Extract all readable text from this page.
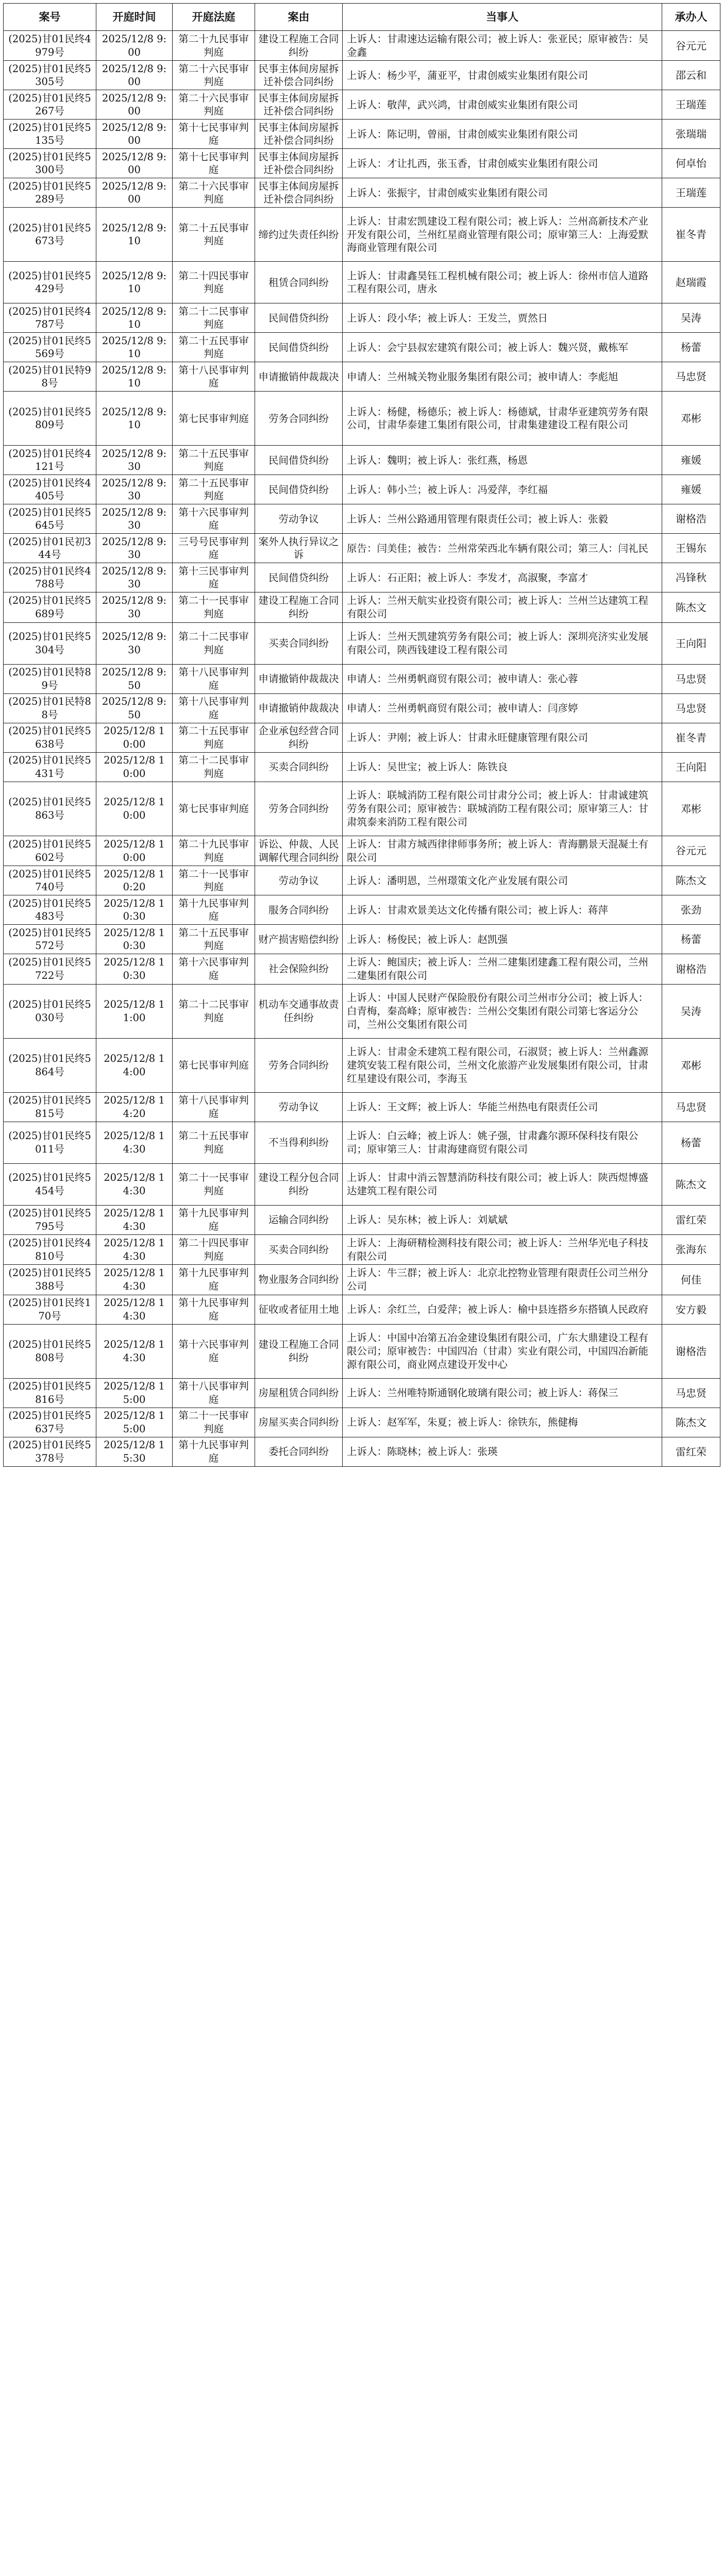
案号	开庭时间	开庭法庭	案由	当事人	承办人
(2025)甘01民终4979号	2025/12/8 9:00	第二十九民事审判庭	建设工程施工合同纠纷	上诉人：甘肃速达运输有限公司；被上诉人：张亚民；原审被告：吴金鑫	谷元元
(2025)甘01民终5305号	2025/12/8 9:00	第二十六民事审判庭	民事主体间房屋拆迁补偿合同纠纷	上诉人：杨少平，蒲亚平，甘肃创威实业集团有限公司	邵云和
(2025)甘01民终5267号	2025/12/8 9:00	第二十六民事审判庭	民事主体间房屋拆迁补偿合同纠纷	上诉人：敬萍，武兴鸿，甘肃创威实业集团有限公司	王瑞莲
(2025)甘01民终5135号	2025/12/8 9:00	第十七民事审判庭	民事主体间房屋拆迁补偿合同纠纷	上诉人：陈记明，曾丽，甘肃创威实业集团有限公司	张瑞瑞
(2025)甘01民终5300号	2025/12/8 9:00	第十七民事审判庭	民事主体间房屋拆迁补偿合同纠纷	上诉人：才让扎西，张玉香，甘肃创威实业集团有限公司	何卓怡
(2025)甘01民终5289号	2025/12/8 9:00	第二十六民事审判庭	民事主体间房屋拆迁补偿合同纠纷	上诉人：张振宇，甘肃创威实业集团有限公司	王瑞莲
(2025)甘01民终5673号	2025/12/8 9:10	第二十五民事审判庭	缔约过失责任纠纷	上诉人：甘肃宏凯建设工程有限公司；被上诉人：兰州高新技术产业开发有限公司，兰州红星商业管理有限公司；原审第三人：上海爱默海商业管理有限公司	崔冬青
(2025)甘01民终5429号	2025/12/8 9:10	第二十四民事审判庭	租赁合同纠纷	上诉人：甘肃鑫昊钰工程机械有限公司；被上诉人：徐州市信人道路工程有限公司，唐永	赵瑞霞
(2025)甘01民终4787号	2025/12/8 9:10	第二十二民事审判庭	民间借贷纠纷	上诉人：段小华；被上诉人：王发兰，贾然日	吴涛
(2025)甘01民终5569号	2025/12/8 9:10	第二十五民事审判庭	民间借贷纠纷	上诉人：会宁县叔宏建筑有限公司；被上诉人：魏兴贤，戴栋军	杨蕾
(2025)甘01民特98号	2025/12/8 9:10	第十八民事审判庭	申请撤销仲裁裁决	申请人：兰州城关物业服务集团有限公司；被申请人：李彪旭	马忠贤
(2025)甘01民终5809号	2025/12/8 9:10	第七民事审判庭	劳务合同纠纷	上诉人：杨健，杨德乐；被上诉人：杨德斌，甘肃华亚建筑劳务有限公司，甘肃华泰建工集团有限公司，甘肃集建建设工程有限公司	邓彬
(2025)甘01民终4121号	2025/12/8 9:30	第二十五民事审判庭	民间借贷纠纷	上诉人：魏明；被上诉人：张红燕，杨恩	雍媛
(2025)甘01民终4405号	2025/12/8 9:30	第二十五民事审判庭	民间借贷纠纷	上诉人：韩小兰；被上诉人：冯爱萍，李红福	雍媛
(2025)甘01民终5645号	2025/12/8 9:30	第十六民事审判庭	劳动争议	上诉人：兰州公路通用管理有限责任公司；被上诉人：张毅	谢格浩
(2025)甘01民初344号	2025/12/8 9:30	三号号民事审判庭	案外人执行异议之诉	原告：闫美佳；被告：兰州常荣西北车辆有限公司；第三人：闫礼民	王锡东
(2025)甘01民终4788号	2025/12/8 9:30	第十三民事审判庭	民间借贷纠纷	上诉人：石正阳；被上诉人：李发才，高淑聚，李富才	冯锋秋
(2025)甘01民终5689号	2025/12/8 9:30	第二十一民事审判庭	建设工程施工合同纠纷	上诉人：兰州天航实业投资有限公司；被上诉人：兰州兰达建筑工程有限公司	陈杰文
(2025)甘01民终5304号	2025/12/8 9:30	第二十二民事审判庭	买卖合同纠纷	上诉人：兰州天凯建筑劳务有限公司；被上诉人：深圳亮济实业发展有限公司，陕西钱建设工程有限公司	王向阳
(2025)甘01民特89号	2025/12/8 9:50	第十八民事审判庭	申请撤销仲裁裁决	申请人：兰州勇帆商贸有限公司；被申请人：张心蓉	马忠贤
(2025)甘01民特88号	2025/12/8 9:50	第十八民事审判庭	申请撤销仲裁裁决	申请人：兰州勇帆商贸有限公司；被申请人：闫彦婷	马忠贤
(2025)甘01民终5638号	2025/12/8 10:00	第二十五民事审判庭	企业承包经营合同纠纷	上诉人：尹刚；被上诉人：甘肃永旺健康管理有限公司	崔冬青
(2025)甘01民终5431号	2025/12/8 10:00	第二十二民事审判庭	买卖合同纠纷	上诉人：吴世宝；被上诉人：陈铁良	王向阳
(2025)甘01民终5863号	2025/12/8 10:00	第七民事审判庭	劳务合同纠纷	上诉人：联城消防工程有限公司甘肃分公司；被上诉人：甘肃诚建筑劳务有限公司；原审被告：联城消防工程有限公司；原审第三人：甘肃筑泰来消防工程有限公司	邓彬
(2025)甘01民终5602号	2025/12/8 10:00	第二十九民事审判庭	诉讼、仲裁、人民调解代理合同纠纷	上诉人：甘肃方城西律律师事务所；被上诉人：青海鹏景天混凝土有限公司	谷元元
(2025)甘01民终5740号	2025/12/8 10:20	第二十一民事审判庭	劳动争议	上诉人：潘明恩，兰州璟策文化产业发展有限公司	陈杰文
(2025)甘01民终5483号	2025/12/8 10:30	第十九民事审判庭	服务合同纠纷	上诉人：甘肃欢景美达文化传播有限公司；被上诉人：蒋萍	张劲
(2025)甘01民终5572号	2025/12/8 10:30	第二十五民事审判庭	财产损害赔偿纠纷	上诉人：杨俊民；被上诉人：赵凯强	杨蕾
(2025)甘01民终5722号	2025/12/8 10:30	第十六民事审判庭	社会保险纠纷	上诉人：鲍国庆；被上诉人：兰州二建集团建鑫工程有限公司，兰州二建集团有限公司	谢格浩
(2025)甘01民终5030号	2025/12/8 11:00	第二十二民事审判庭	机动车交通事故责任纠纷	上诉人：中国人民财产保险股份有限公司兰州市分公司；被上诉人：白青梅，秦高峰；原审被告：兰州公交集团有限公司第七客运分公司，兰州公交集团有限公司	吴涛
(2025)甘01民终5864号	2025/12/8 14:00	第七民事审判庭	劳务合同纠纷	上诉人：甘肃金禾建筑工程有限公司，石淑贤；被上诉人：兰州鑫源建筑安装工程有限公司，兰州文化旅游产业发展集团有限公司，甘肃红星建设有限公司，李海玉	邓彬
(2025)甘01民终5815号	2025/12/8 14:20	第十八民事审判庭	劳动争议	上诉人：王文辉；被上诉人：华能兰州热电有限责任公司	马忠贤
(2025)甘01民终5011号	2025/12/8 14:30	第二十五民事审判庭	不当得利纠纷	上诉人：白云峰；被上诉人：姚子强，甘肃鑫尔源环保科技有限公司；原审第三人：甘肃海建商贸有限公司	杨蕾
(2025)甘01民终5454号	2025/12/8 14:30	第二十一民事审判庭	建设工程分包合同纠纷	上诉人：甘肃中消云智慧消防科技有限公司；被上诉人：陕西煜博盛达建筑工程有限公司	陈杰文
(2025)甘01民终5795号	2025/12/8 14:30	第十九民事审判庭	运输合同纠纷	上诉人：吴东林；被上诉人：刘斌斌	雷红荣
(2025)甘01民终4810号	2025/12/8 14:30	第二十四民事审判庭	买卖合同纠纷	上诉人：上海研精检测科技有限公司；被上诉人：兰州华光电子科技有限公司	张海东
(2025)甘01民终5388号	2025/12/8 14:30	第十九民事审判庭	物业服务合同纠纷	上诉人：牛三群；被上诉人：北京北控物业管理有限责任公司兰州分公司	何佳
(2025)甘01民终170号	2025/12/8 14:30	第十九民事审判庭	征收或者征用土地	上诉人：余红兰，白爱萍；被上诉人：榆中县连搭乡东搭镇人民政府	安方毅
(2025)甘01民终5808号	2025/12/8 14:30	第十六民事审判庭	建设工程施工合同纠纷	上诉人：中国中冶第五冶金建设集团有限公司，广东大鼎建设工程有限公司；原审被告：中国四冶（甘肃）实业有限公司，中国四冶新能源有限公司，商业网点建设开发中心	谢格浩
(2025)甘01民终5816号	2025/12/8 15:00	第十八民事审判庭	房屋租赁合同纠纷	上诉人：兰州唯特斯通钢化玻璃有限公司；被上诉人：蒋保三	马忠贤
(2025)甘01民终5637号	2025/12/8 15:00	第二十一民事审判庭	房屋买卖合同纠纷	上诉人：赵军军，朱夏；被上诉人：徐铁东，熊健梅	陈杰文
(2025)甘01民终5378号	2025/12/8 15:30	第十九民事审判庭	委托合同纠纷	上诉人：陈晓林；被上诉人：张瑛	雷红荣
